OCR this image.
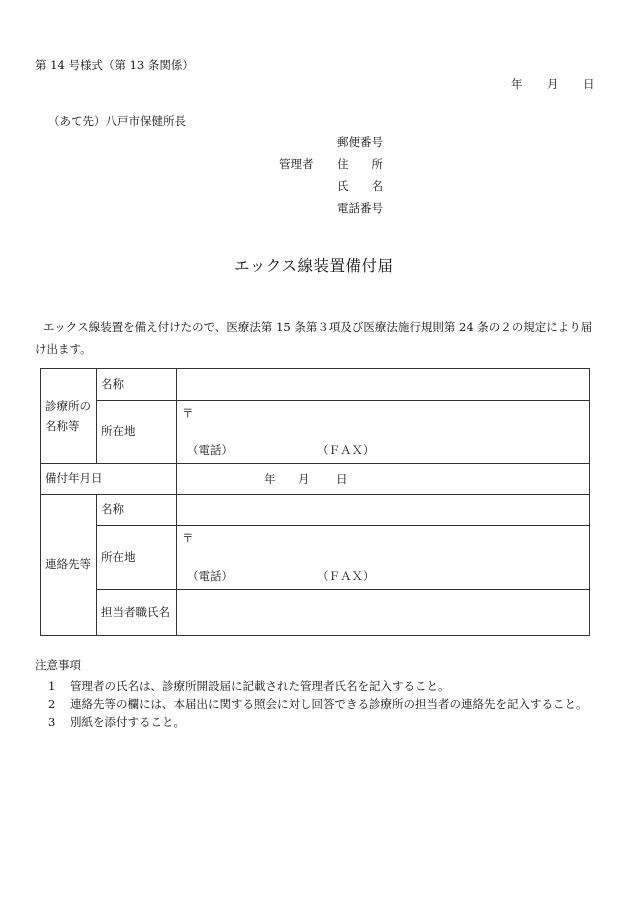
第 14 号様式（第 13 条関係）
年 月 日
（あて先）八戸市保健所長
郵便番号
管理者 住　　所
氏　　名
電話番号
エックス線装置備付届
エックス線装置を備え付けたので、医療法第 15 条第３項及び医療法施行規則第 24 条の２の規定により届け出ます。
診療所の
名称等	名称	
	所在地	〒
（電話） （ＦＡＸ）

備付年月日		年 月 日

連絡先等	名称	
	所在地	〒
（電話） （ＦＡＸ）

	担当者職氏名	
注意事項
1 管理者の氏名は、診療所開設届に記載された管理者氏名を記入すること。
2 連絡先等の欄には、本届出に関する照会に対し回答できる診療所の担当者の連絡先を記入すること。
3 別紙を添付すること。
